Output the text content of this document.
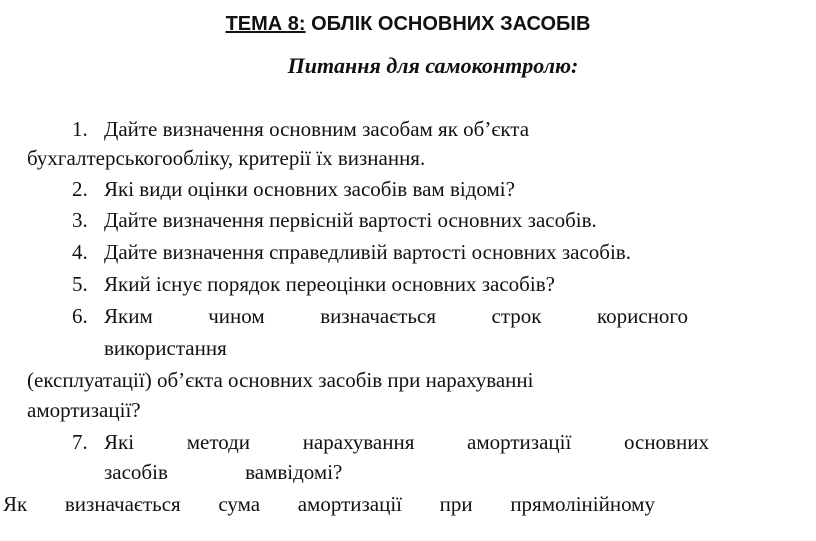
ТЕМА 8: ОБЛІК ОСНОВНИХ ЗАСОБІВ
Питання для самоконтролю:
1. Дайте визначення основним засобам як об’єкта
бухгалтерськогообліку, критерії їх визнання.
2. Які види оцінки основних засобів вам відомі?
3. Дайте визначення первісній вартості основних засобів.
4. Дайте визначення справедливій вартості основних засобів.
5. Який існує порядок переоцінки основних засобів?
6. Яким	чином	визначається	строк	корисного
використання
(експлуатації) об’єкта основних засобів при нарахуванні
амортизації?
7. Які	методи	нарахування	амортизації	основних
засобів	вамвідомі?
Як визначається сума амортизації при прямолінійному
